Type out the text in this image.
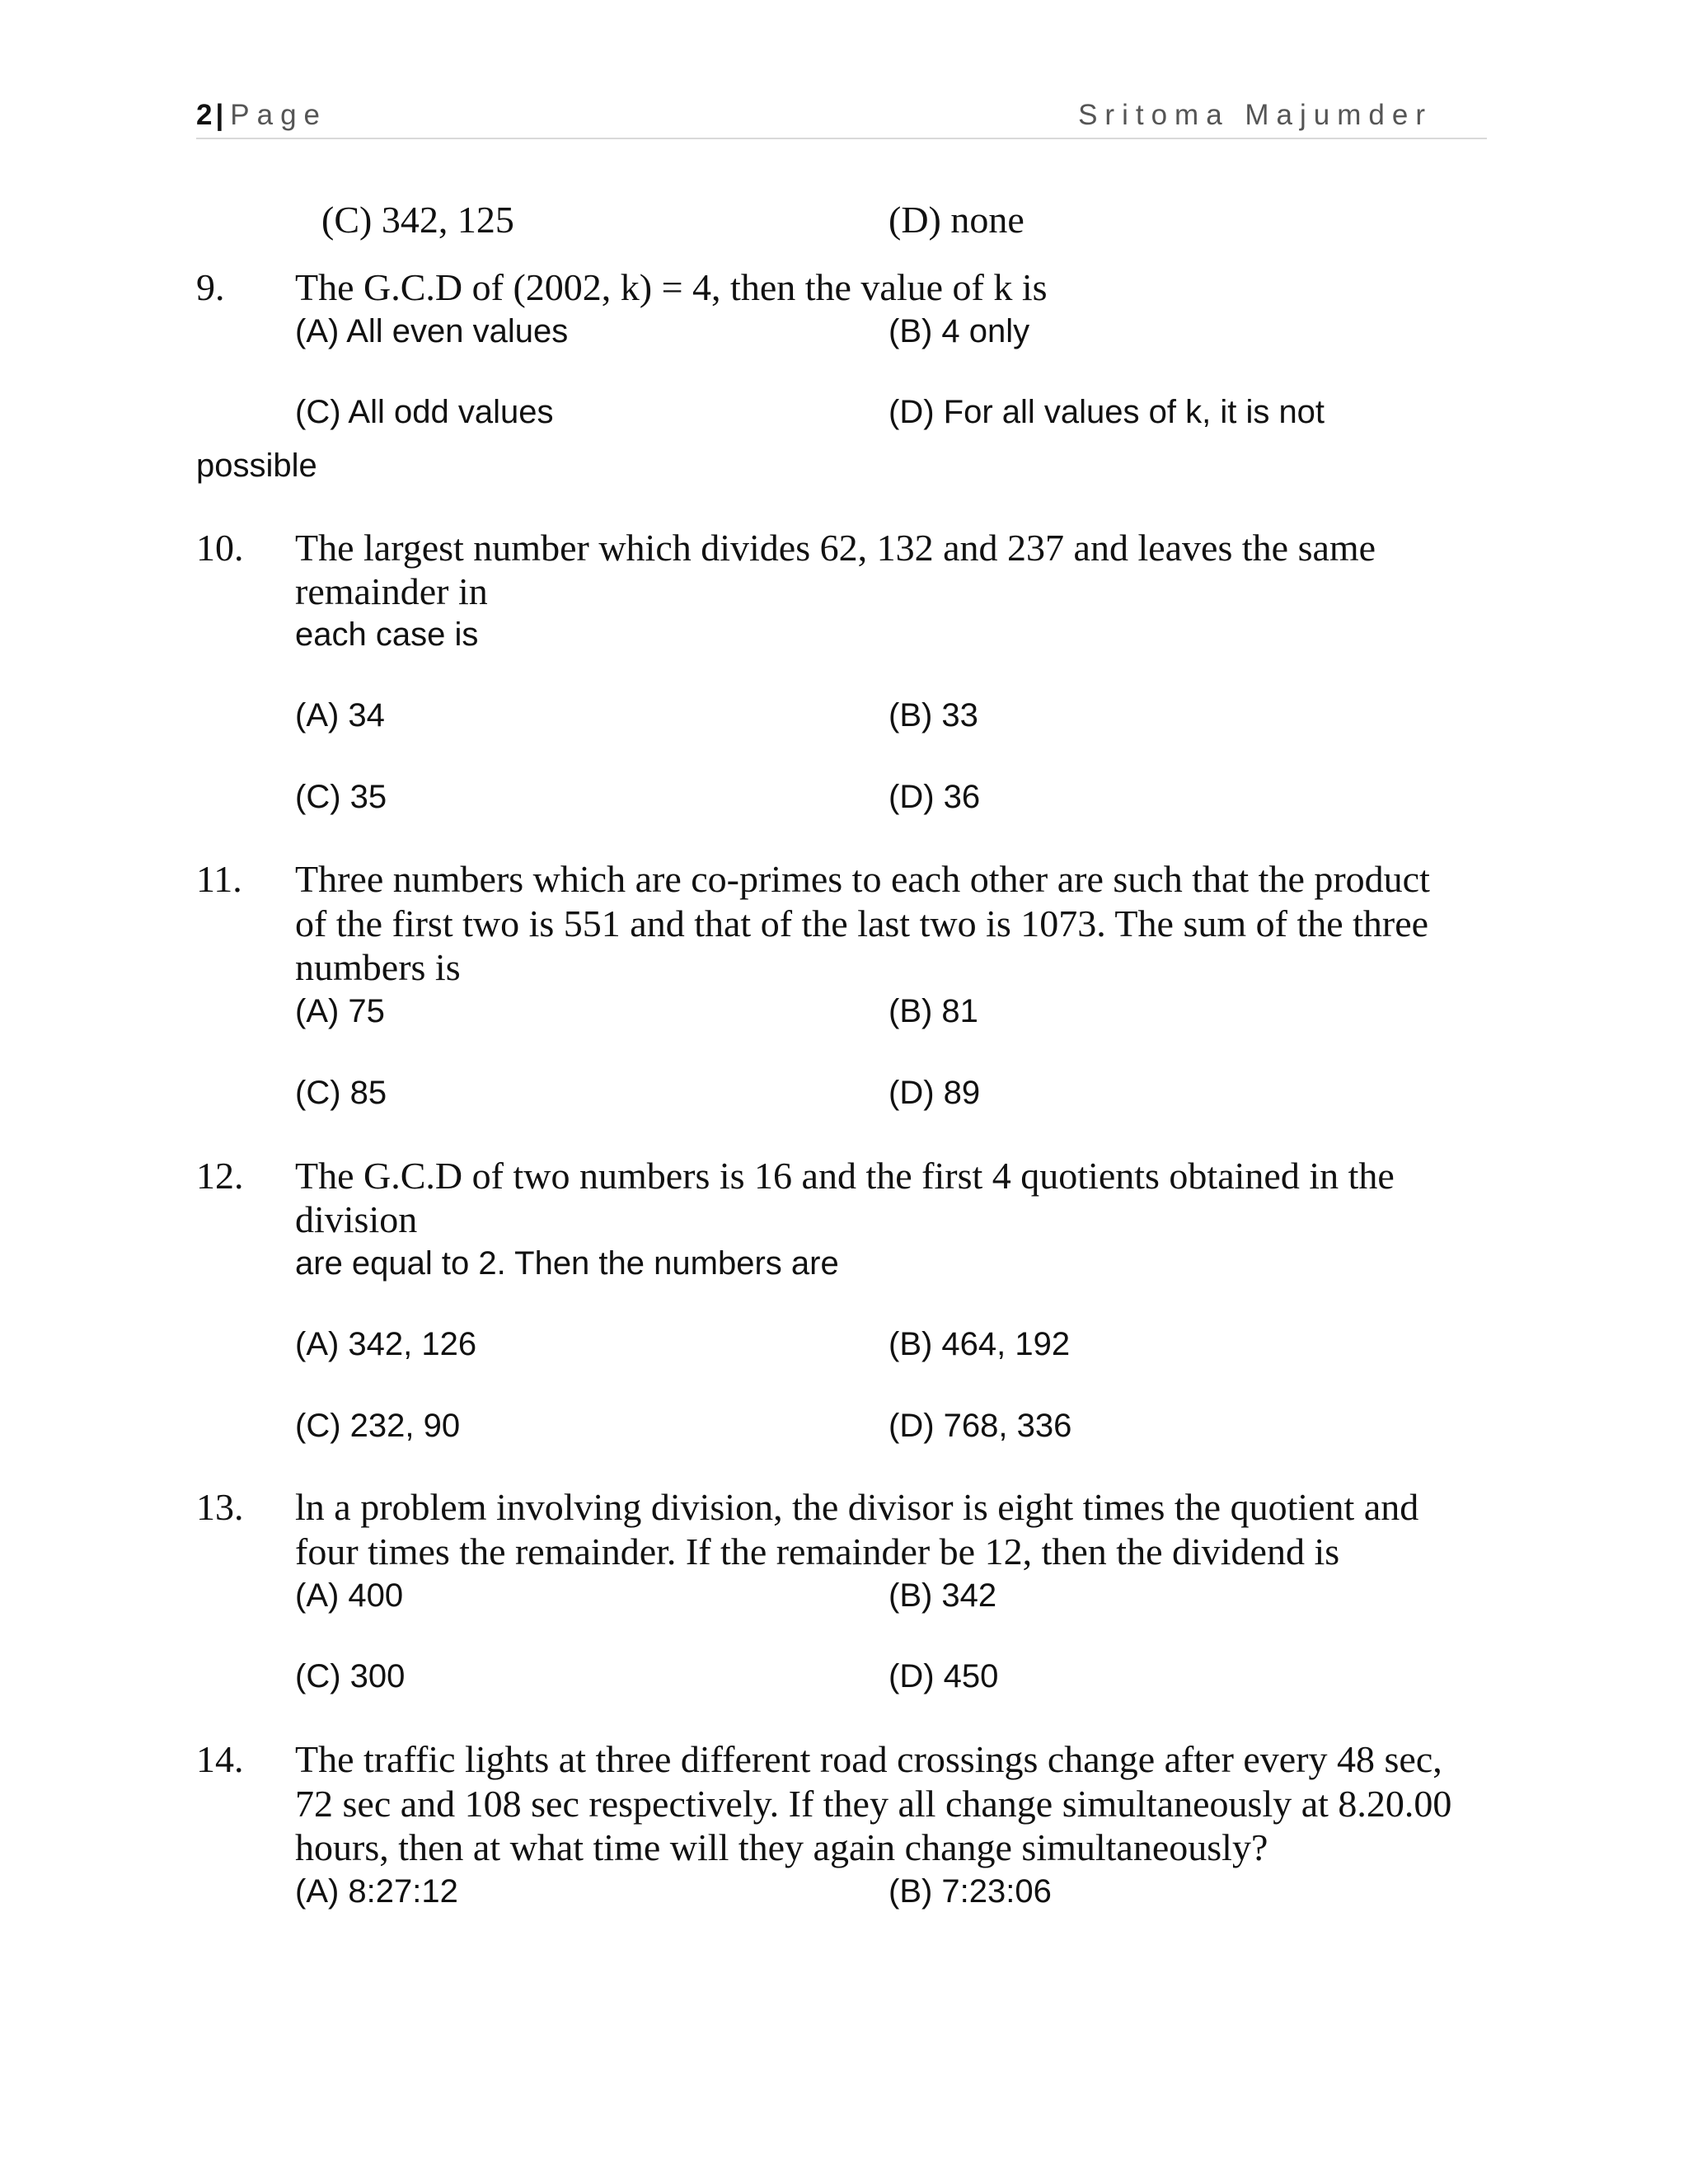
2 | Page	Sritoma Majumder
(C) 342, 125	(D) none
9. The G.C.D of (2002, k) = 4, then the value of k is
(A) All even values	(B) 4 only
(C) All odd values	(D) For all values of k, it is not
possible
10. The largest number which divides 62, 132 and 237 and leaves the same
remainder in
each case is
(A) 34	(B) 33
(C) 35	(D) 36
11. Three numbers which are co-primes to each other are such that the product
of the first two is 551 and that of the last two is 1073. The sum of the three
numbers is
(A) 75	(B) 81
(C) 85	(D) 89
12. The G.C.D of two numbers is 16 and the first 4 quotients obtained in the
division
are equal to 2. Then the numbers are
(A) 342, 126	(B) 464, 192
(C) 232, 90	(D) 768, 336
13. ln a problem involving division, the divisor is eight times the quotient and
four times the remainder. If the remainder be 12, then the dividend is
(A) 400	(B) 342
(C) 300	(D) 450
14. The traffic lights at three different road crossings change after every 48 sec,
72 sec and 108 sec respectively. If they all change simultaneously at 8.20.00
hours, then at what time will they again change simultaneously?
(A) 8:27:12	(B) 7:23:06
